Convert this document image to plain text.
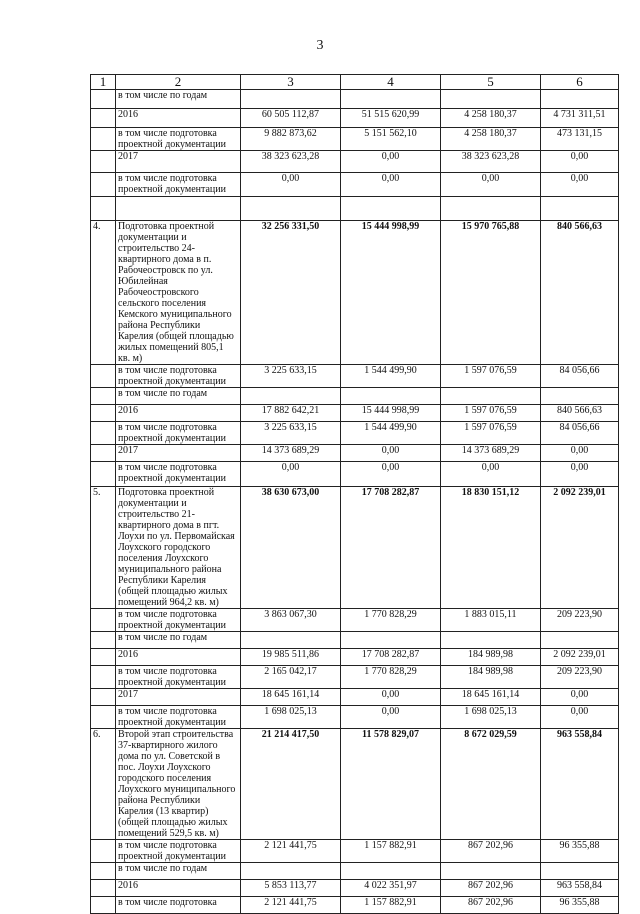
3
1	2	3	4	5	6
	в том числе по годам				
	2016	60 505 112,87	51 515 620,99	4 258 180,37	4 731 311,51
	в том числе подготовка проектной документации	9 882 873,62	5 151 562,10	4 258 180,37	473 131,15
	2017	38 323 623,28	0,00	38 323 623,28	0,00
	в том числе подготовка проектной документации	0,00	0,00	0,00	0,00

4.	Подготовка проектной документации и строительство 24-квартирного дома в п. Рабочеостровск по ул. Юбилейная Рабочеостровского сельского поселения Кемского муниципального района Республики Карелия (общей площадью жилых помещений 805,1 кв. м)	32 256 331,50	15 444 998,99	15 970 765,88	840 566,63
	в том числе подготовка проектной документации	3 225 633,15	1 544 499,90	1 597 076,59	84 056,66
	в том числе по годам				
	2016	17 882 642,21	15 444 998,99	1 597 076,59	840 566,63
	в том числе подготовка проектной документации	3 225 633,15	1 544 499,90	1 597 076,59	84 056,66
	2017	14 373 689,29	0,00	14 373 689,29	0,00
	в том числе подготовка проектной документации	0,00	0,00	0,00	0,00
5.	Подготовка проектной документации и строительство 21-квартирного дома в пгт. Лоухи по ул. Первомайская Лоухского городского поселения Лоухского муниципального района Республики Карелия (общей площадью жилых помещений 964,2 кв. м)	38 630 673,00	17 708 282,87	18 830 151,12	2 092 239,01
	в том числе подготовка проектной документации	3 863 067,30	1 770 828,29	1 883 015,11	209 223,90
	в том числе по годам				
	2016	19 985 511,86	17 708 282,87	184 989,98	2 092 239,01
	в том числе подготовка проектной документации	2 165 042,17	1 770 828,29	184 989,98	209 223,90
	2017	18 645 161,14	0,00	18 645 161,14	0,00
	в том числе подготовка проектной документации	1 698 025,13	0,00	1 698 025,13	0,00
6.	Второй этап строительства 37-квартирного жилого дома по ул. Советской в пос. Лоухи Лоухского городского поселения Лоухского муниципального района Республики Карелия (13 квартир) (общей площадью жилых помещений 529,5 кв. м)	21 214 417,50	11 578 829,07	8 672 029,59	963 558,84
	в том числе подготовка проектной документации	2 121 441,75	1 157 882,91	867 202,96	96 355,88
	в том числе по годам				
	2016	5 853 113,77	4 022 351,97	867 202,96	963 558,84
	в том числе подготовка	2 121 441,75	1 157 882,91	867 202,96	96 355,88
